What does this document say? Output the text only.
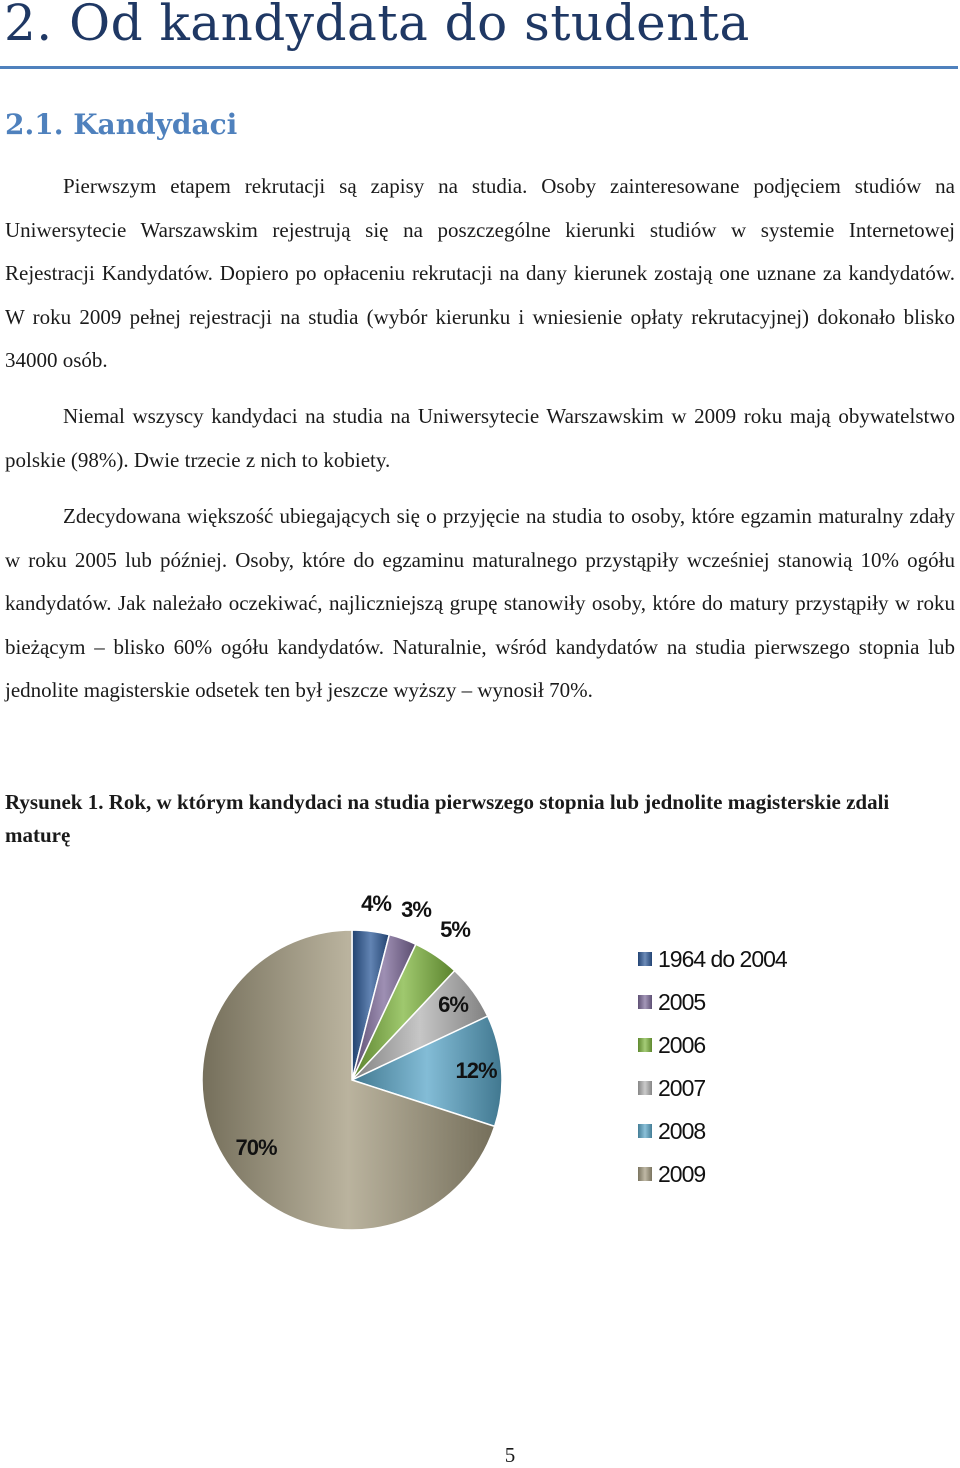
2. Od kandydata do studenta
2.1. Kandydaci

Pierwszym etapem rekrutacji są zapisy na studia. Osoby zainteresowane podjęciem studiów na Uniwersytecie Warszawskim rejestrują się na poszczególne kierunki studiów w systemie Internetowej Rejestracji Kandydatów. Dopiero po opłaceniu rekrutacji na dany kierunek zostają one uznane za kandydatów. W roku 2009 pełnej rejestracji na studia (wybór kierunku i wniesienie opłaty rekrutacyjnej) dokonało blisko 34000 osób.

Niemal wszyscy kandydaci na studia na Uniwersytecie Warszawskim w 2009 roku mają obywatelstwo polskie (98%). Dwie trzecie z nich to kobiety.

Zdecydowana większość ubiegających się o przyjęcie na studia to osoby, które egzamin maturalny zdały w roku 2005 lub później. Osoby, które do egzaminu maturalnego przystąpiły wcześniej stanowią 10% ogółu kandydatów. Jak należało oczekiwać, najliczniejszą grupę stanowiły osoby, które do matury przystąpiły w roku bieżącym – blisko 60% ogółu kandydatów. Naturalnie, wśród kandydatów na studia pierwszego stopnia lub jednolite magisterskie odsetek ten był jeszcze wyższy – wynosił 70%.

Rysunek 1. Rok, w którym kandydaci na studia pierwszego stopnia lub jednolite magisterskie zdali maturę

4% 3%
5%
6%
12%
70%
1964 do 2004
2005
2006
2007
2008
2009
5
